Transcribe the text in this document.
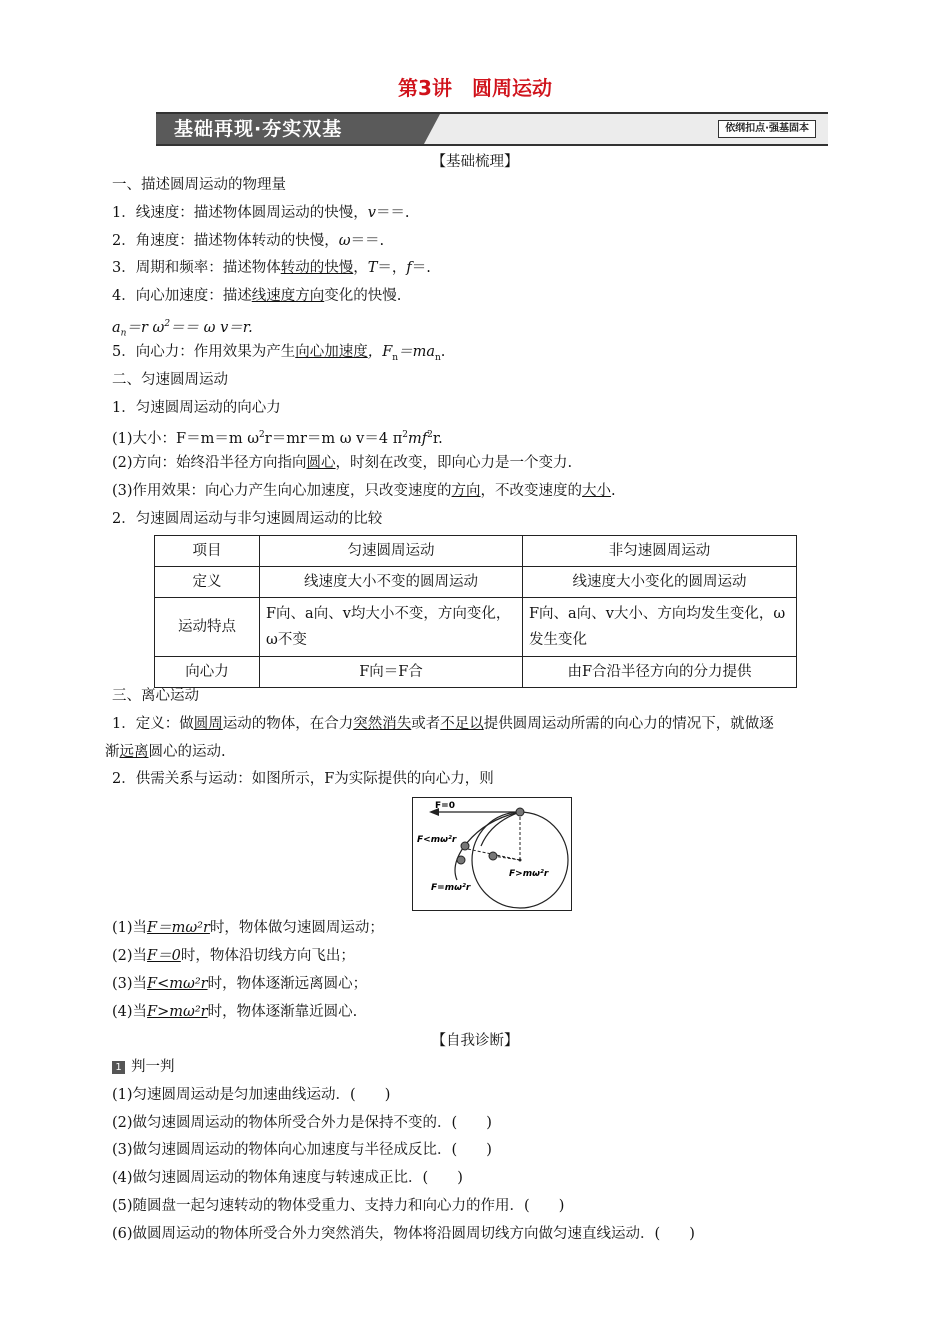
第3讲　圆周运动
基础再现·夯实双基	依纲扣点·强基固本
【基础梳理】
一、描述圆周运动的物理量
1．线速度：描述物体圆周运动的快慢，v＝＝.
2．角速度：描述物体转动的快慢，ω＝＝.
3．周期和频率：描述物体转动的快慢，T＝，f＝.
4．向心加速度：描述线速度方向变化的快慢.
$a_n=r$ $\omega^2== \omega$ v＝r.
5．向心力：作用效果为产生向心加速度，$F_n=ma_n$.
二、匀速圆周运动
1．匀速圆周运动的向心力
(1)大小：F＝m＝m $\omega^2r=mr=m$ ω v＝4 $\pi^2mf^2r$.
(2)方向：始终沿半径方向指向圆心，时刻在改变，即向心力是一个变力.
(3)作用效果：向心力产生向心加速度，只改变速度的方向，不改变速度的大小.
2．匀速圆周运动与非匀速圆周运动的比较
项目	匀速圆周运动	非匀速圆周运动
定义	线速度大小不变的圆周运动	线速度大小变化的圆周运动
运动特点	F向、a向、v均大小不变，方向变化，ω不变	F向、a向、v大小、方向均发生变化，ω发生变化
向心力	F向＝F合	由F合沿半径方向的分力提供
三、离心运动
1．定义：做圆周运动的物体，在合力突然消失或者不足以提供圆周运动所需的向心力的情况下，就做逐
渐远离圆心的运动.
2．供需关系与运动：如图所示，F为实际提供的向心力，则
F=0
F<mω²r
F>mω²r
F=mω²r
(1)当F＝mω²r时，物体做匀速圆周运动；
(2)当F＝0时，物体沿切线方向飞出；
(3)当F<mω²r时，物体逐渐远离圆心；
(4)当F>mω²r时，物体逐渐靠近圆心.
【自我诊断】
1 判一判
(1)匀速圆周运动是匀加速曲线运动．(　　)
(2)做匀速圆周运动的物体所受合外力是保持不变的．(　　)
(3)做匀速圆周运动的物体向心加速度与半径成反比．(　　)
(4)做匀速圆周运动的物体角速度与转速成正比．(　　)
(5)随圆盘一起匀速转动的物体受重力、支持力和向心力的作用．(　　)
(6)做圆周运动的物体所受合外力突然消失，物体将沿圆周切线方向做匀速直线运动．(　　)
